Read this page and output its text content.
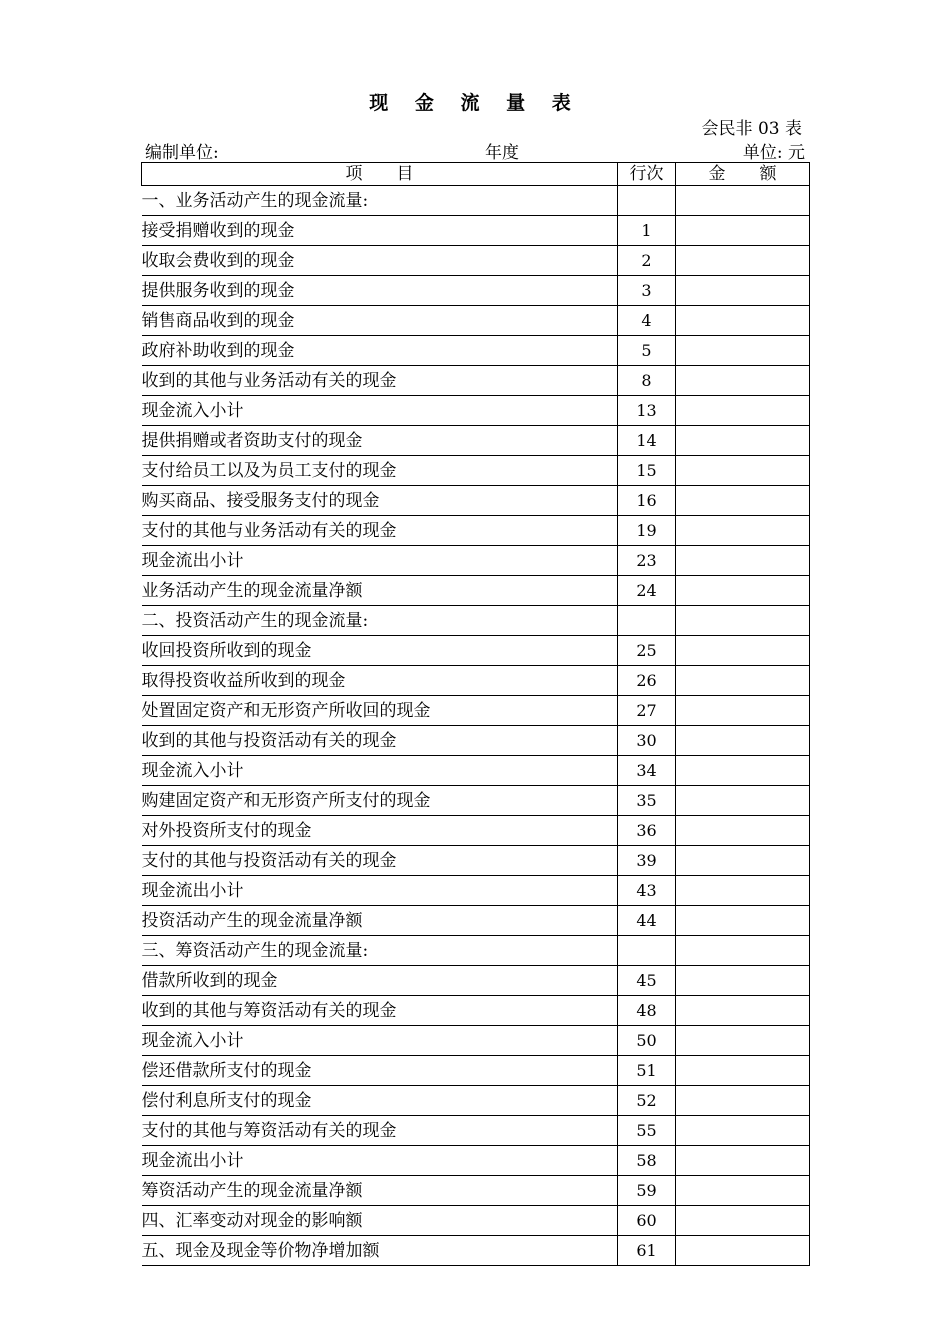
现 金 流 量 表
会民非 03 表
编制单位:	年度	单位: 元
项　　目	行次	金　　额
一、业务活动产生的现金流量:		
接受捐赠收到的现金	1	
收取会费收到的现金	2	
提供服务收到的现金	3	
销售商品收到的现金	4	
政府补助收到的现金	5	
收到的其他与业务活动有关的现金	8	
现金流入小计	13	
提供捐赠或者资助支付的现金	14	
支付给员工以及为员工支付的现金	15	
购买商品、接受服务支付的现金	16	
支付的其他与业务活动有关的现金	19	
现金流出小计	23	
业务活动产生的现金流量净额	24	
二、投资活动产生的现金流量:		
收回投资所收到的现金	25	
取得投资收益所收到的现金	26	
处置固定资产和无形资产所收回的现金	27	
收到的其他与投资活动有关的现金	30	
现金流入小计	34	
购建固定资产和无形资产所支付的现金	35	
对外投资所支付的现金	36	
支付的其他与投资活动有关的现金	39	
现金流出小计	43	
投资活动产生的现金流量净额	44	
三、筹资活动产生的现金流量:		
借款所收到的现金	45	
收到的其他与筹资活动有关的现金	48	
现金流入小计	50	
偿还借款所支付的现金	51	
偿付利息所支付的现金	52	
支付的其他与筹资活动有关的现金	55	
现金流出小计	58	
筹资活动产生的现金流量净额	59	
四、汇率变动对现金的影响额	60	
五、现金及现金等价物净增加额	61	
